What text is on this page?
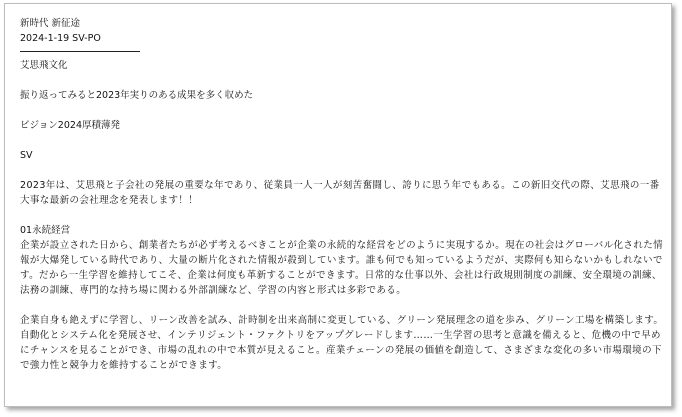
新時代 新征途
2024-1-19 SV-PO
艾思飛文化
振り返ってみると2023年実りのある成果を多く収めた
ビジョン2024厚積薄発
SV
2023年は、艾思飛と子会社の発展の重要な年であり、従業員一人一人が刻苦奮闘し、誇りに思う年でもある。この新旧交代の際、艾思飛の一番大事な最新の会社理念を発表します！！
01永続経営
企業が設立された日から、創業者たちが必ず考えるべきことが企業の永続的な経営をどのように実現するか。現在の社会はグローバル化された情報が大爆発している時代であり、大量の断片化された情報が殺到しています。誰も何でも知っているようだが、実際何も知らないかもしれないです。だから一生学習を維持してこそ、企業は何度も革新することができます。日常的な仕事以外、会社は行政規則制度の訓練、安全環境の訓練、法務の訓練、専門的な持ち場に関わる外部訓練など、学習の内容と形式は多彩である。
企業自身も絶えずに学習し、リーン改善を試み、計時制を出来高制に変更している、グリーン発展理念の道を歩み、グリーン工場を構築します。自動化とシステム化を発展させ、インテリジェント・ファクトリをアップグレードします……一生学習の思考と意識を備えると、危機の中で早めにチャンスを見ることができ、市場の乱れの中で本質が見えること。産業チェーンの発展の価値を創造して、さまざまな変化の多い市場環境の下で強力性と競争力を維持することができます。
